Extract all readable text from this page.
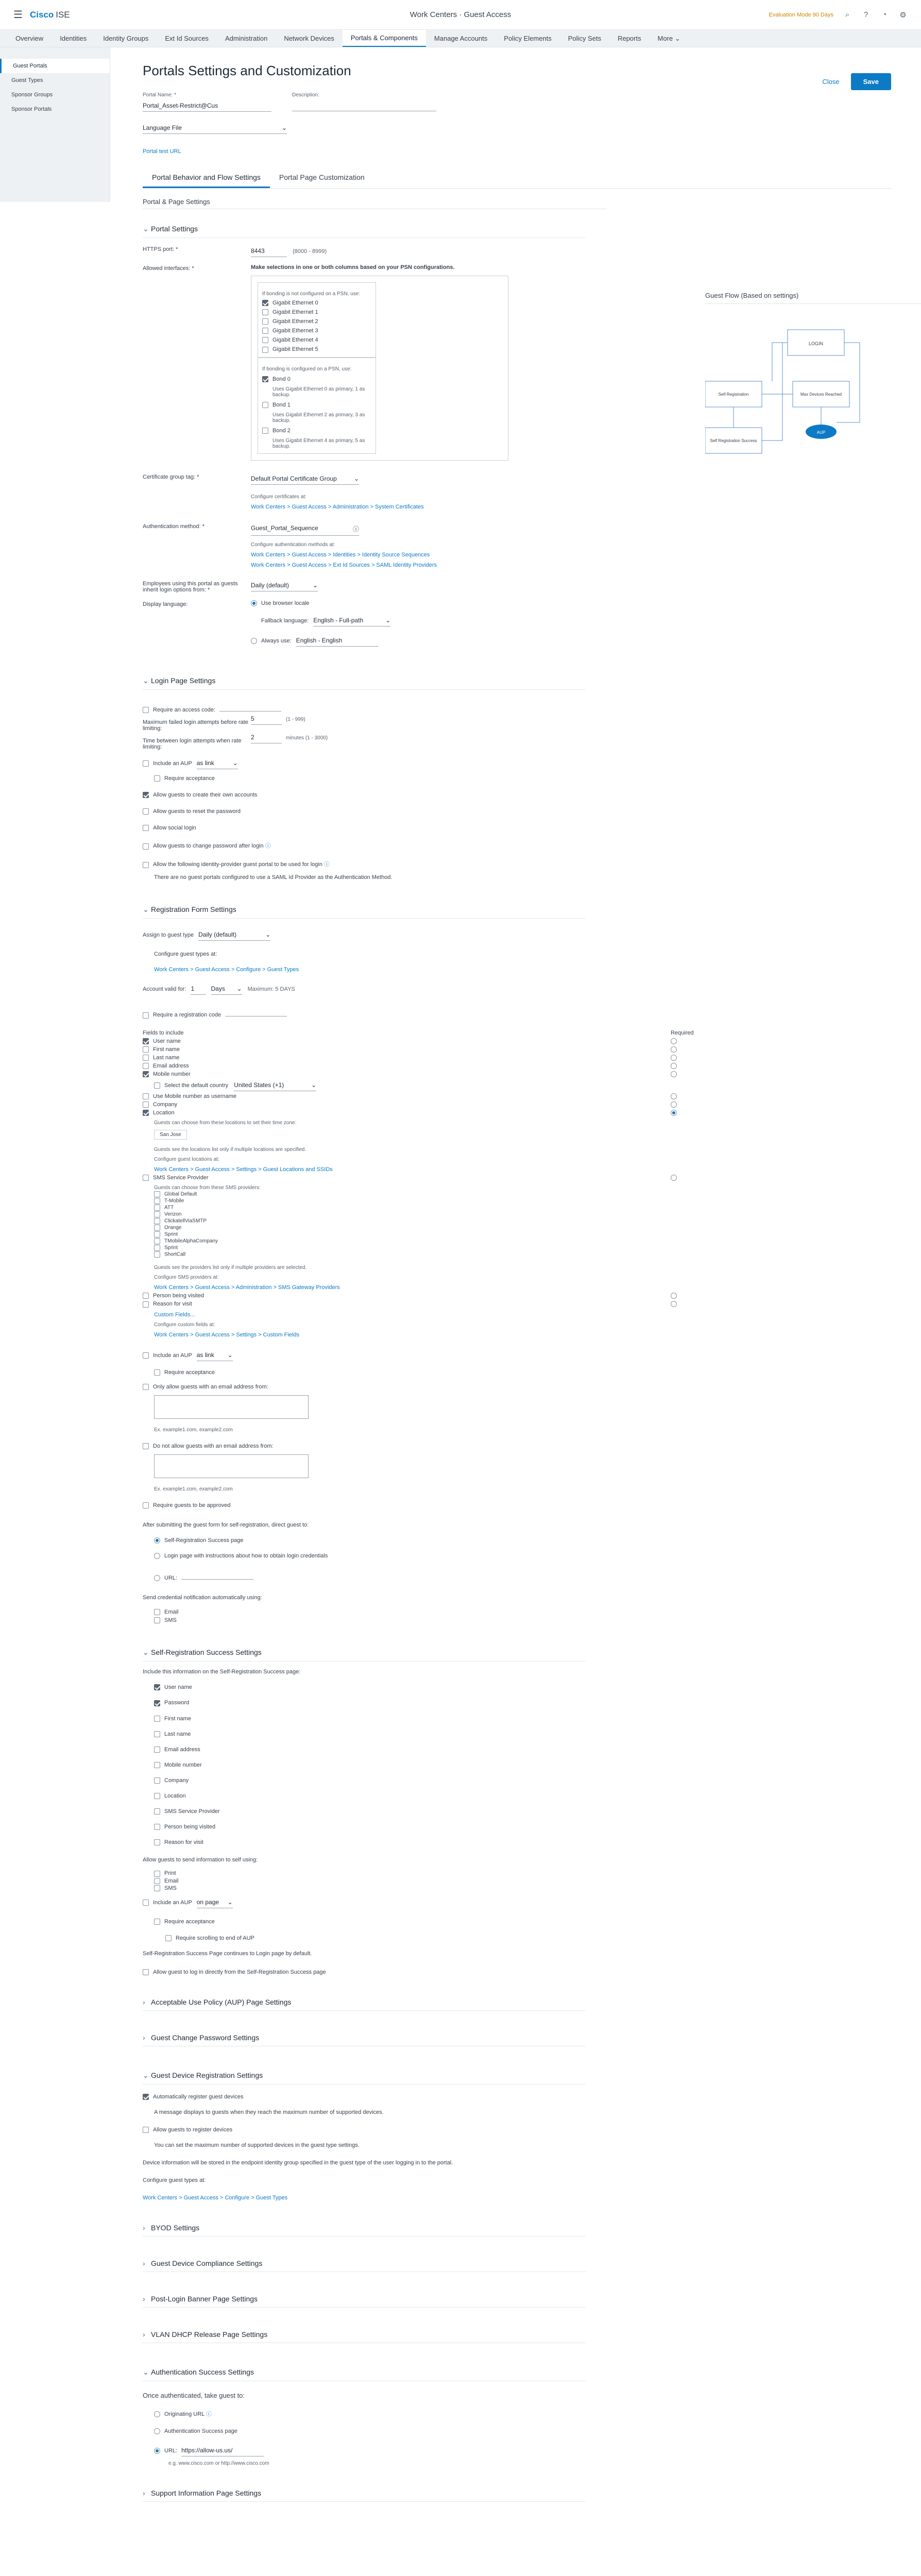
☰ Cisco ISE	Work Centers · Guest Access	Evaluation Mode 90 Days	⌕	?	◔ ⚙
Overview	Identities	Identity Groups	Ext Id Sources	Administration	Network Devices	Portals & Components	Manage Accounts	Policy Elements	Policy Sets	Reports	More ⌄
Guest Portals
Guest Types
Sponsor Groups
Sponsor Portals
Portals Settings and Customization
Close	Save
Portal Name: *
Portal_Asset-Restrict@Cus
Description:
Language File	⌄
Portal test URL
Portal Behavior and Flow Settings	Portal Page Customization
Portal & Page Settings
Guest Flow (Based on settings)
LOGIN
Self Registration	Max Devices Reached
Self Registration Success
AUP
⌄ Portal Settings
HTTPS port: *	8443	(8000 - 8999)
Allowed interfaces: *	Make selections in one or both columns based on your PSN configurations.
If bonding is not configured on a PSN, use:
Gigabit Ethernet 0
Gigabit Ethernet 1
Gigabit Ethernet 2
Gigabit Ethernet 3
Gigabit Ethernet 4
Gigabit Ethernet 5

If bonding is configured on a PSN, use:
Bond 0
Uses Gigabit Ethernet 0 as primary, 1 as backup.
Bond 1
Uses Gigabit Ethernet 2 as primary, 3 as backup.
Bond 2
Uses Gigabit Ethernet 4 as primary, 5 as backup.
Certificate group tag: *	Default Portal Certificate Group	⌄
Configure certificates at:
Work Centers > Guest Access > Administration > System Certificates
Authentication method: *	Guest_Portal_Sequence	ⓘ
Configure authentication methods at:
Work Centers > Guest Access > Identities > Identity Source Sequences
Work Centers > Guest Access > Ext Id Sources > SAML Identity Providers
Employees using this portal as guests inherit login options from: *
Daily (default)	⌄
Display language:	Use browser locale
Fallback language: English - Full-path	⌄
Always use: English - English
⌄ Login Page Settings
Require an access code:
Maximum failed login attempts before rate limiting:5	(1 - 999)
Time between login attempts when rate limiting:2	minutes (1 - 3000)
Include an AUP as link	⌄
Require acceptance
Allow guests to create their own accounts
Allow guests to reset the password
Allow social login
Allow guests to change password after login ⓘ
Allow the following identity-provider guest portal to be used for login ⓘ
There are no guest portals configured to use a SAML Id Provider as the Authentication Method.
⌄ Registration Form Settings
Assign to guest type Daily (default)	⌄
Configure guest types at:
Work Centers > Guest Access > Configure > Guest Types
Account valid for: 1	Days ⌄ Maximum: 5 DAYS
Require a registration code
Fields to include	Required
User name
First name
Last name
Email address
Mobile number
Select the default country United States (+1)	⌄
Use Mobile number as username
Company
Location
Guests can choose from these locations to set their time zone:
San Jose
Guests see the locations list only if multiple locations are specified.
Configure guest locations at:
Work Centers > Guest Access > Settings > Guest Locations and SSIDs
SMS Service Provider
Guests can choose from these SMS providers:
Global Default
T-Mobile
ATT
Verizon
ClickatellViaSMTP
Orange
Sprint
TMobileAlphaCompany
Sprint
ShortCall
Guests see the providers list only if multiple providers are selected.
Configure SMS providers at:
Work Centers > Guest Access > Administration > SMS Gateway Providers
Person being visited
Reason for visit
Custom Fields...
Configure custom fields at:
Work Centers > Guest Access > Settings > Custom Fields
Include an AUP as link ⌄
Require acceptance
Only allow guests with an email address from:
Ex. example1.com, example2.com
Do not allow guests with an email address from:
Ex. example1.com, example2.com
Require guests to be approved
After submitting the guest form for self-registration, direct guest to:
Self-Registration Success page
Login page with instructions about how to obtain login credentials
URL:
Send credential notification automatically using:
Email
SMS
⌄ Self-Registration Success Settings
Include this information on the Self-Registration Success page:
User name
Password
First name
Last name
Email address
Mobile number
Company
Location
SMS Service Provider
Person being visited
Reason for visit
Allow guests to send information to self using:
Print
Email
SMS
Include an AUP on page ⌄
Require acceptance
Require scrolling to end of AUP
Self-Registration Success Page continues to Login page by default.
Allow guest to log in directly from the Self-Registration Success page
› Acceptable Use Policy (AUP) Page Settings
› Guest Change Password Settings
⌄ Guest Device Registration Settings
Automatically register guest devices
A message displays to guests when they reach the maximum number of supported devices.
Allow guests to register devices
You can set the maximum number of supported devices in the guest type settings.
Device information will be stored in the endpoint identity group specified in the guest type of the user logging in to the portal.
Configure guest types at:
Work Centers > Guest Access > Configure > Guest Types
› BYOD Settings
› Guest Device Compliance Settings
› Post-Login Banner Page Settings
› VLAN DHCP Release Page Settings
⌄ Authentication Success Settings
Once authenticated, take guest to:
Originating URL ⓘ
Authentication Success page
URL: https://allow-us.us/
e.g. www.cisco.com or http://www.cisco.com
› Support Information Page Settings
